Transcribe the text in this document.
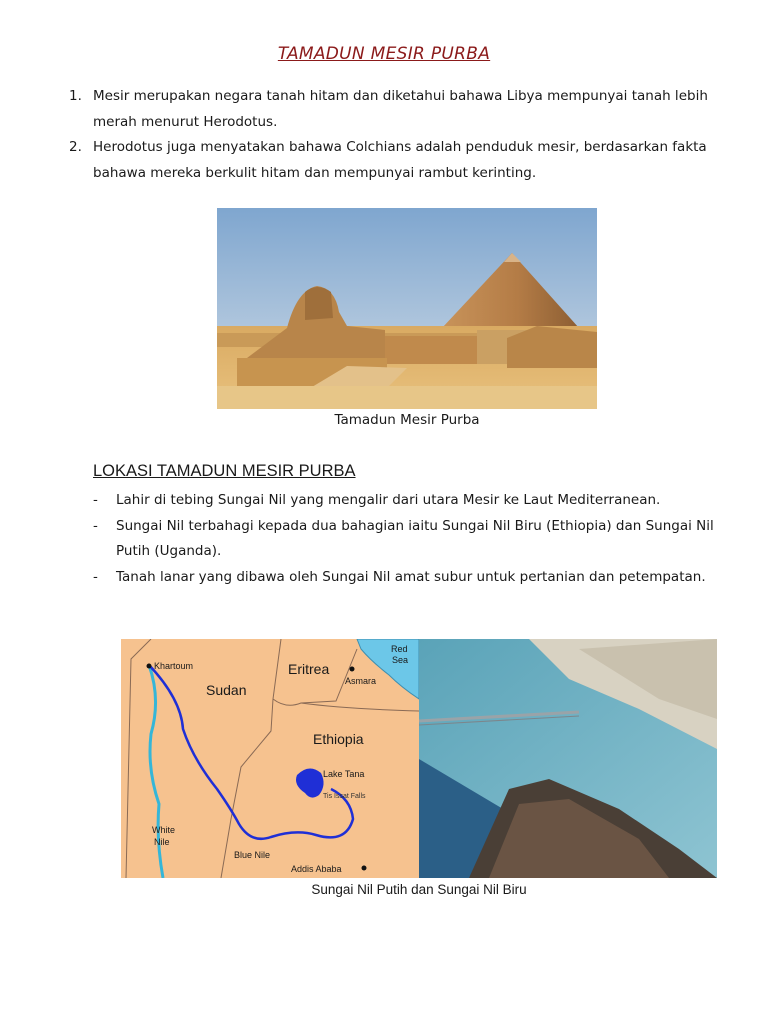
TAMADUN MESIR PURBA
1. Mesir merupakan negara tanah hitam dan diketahui bahawa Libya mempunyai tanah lebih merah menurut Herodotus.
2. Herodotus juga menyatakan bahawa Colchians adalah penduduk mesir, berdasarkan fakta bahawa mereka berkulit hitam dan mempunyai rambut kerinting.
Tamadun Mesir Purba
LOKASI TAMADUN MESIR PURBA
- Lahir di tebing Sungai Nil yang mengalir dari utara Mesir ke Laut Mediterranean.
- Sungai Nil terbahagi kepada dua bahagian iaitu Sungai Nil Biru (Ethiopia) dan Sungai Nil Putih (Uganda).
- Tanah lanar yang dibawa oleh Sungai Nil amat subur untuk pertanian dan petempatan.
Red
Sea
Khartoum	Eritrea
Asmara
Sudan
Ethiopia
Lake Tana
Tis Issat Falls
White
Nile
Blue Nile
Addis Ababa
Sungai Nil Putih dan Sungai Nil Biru
